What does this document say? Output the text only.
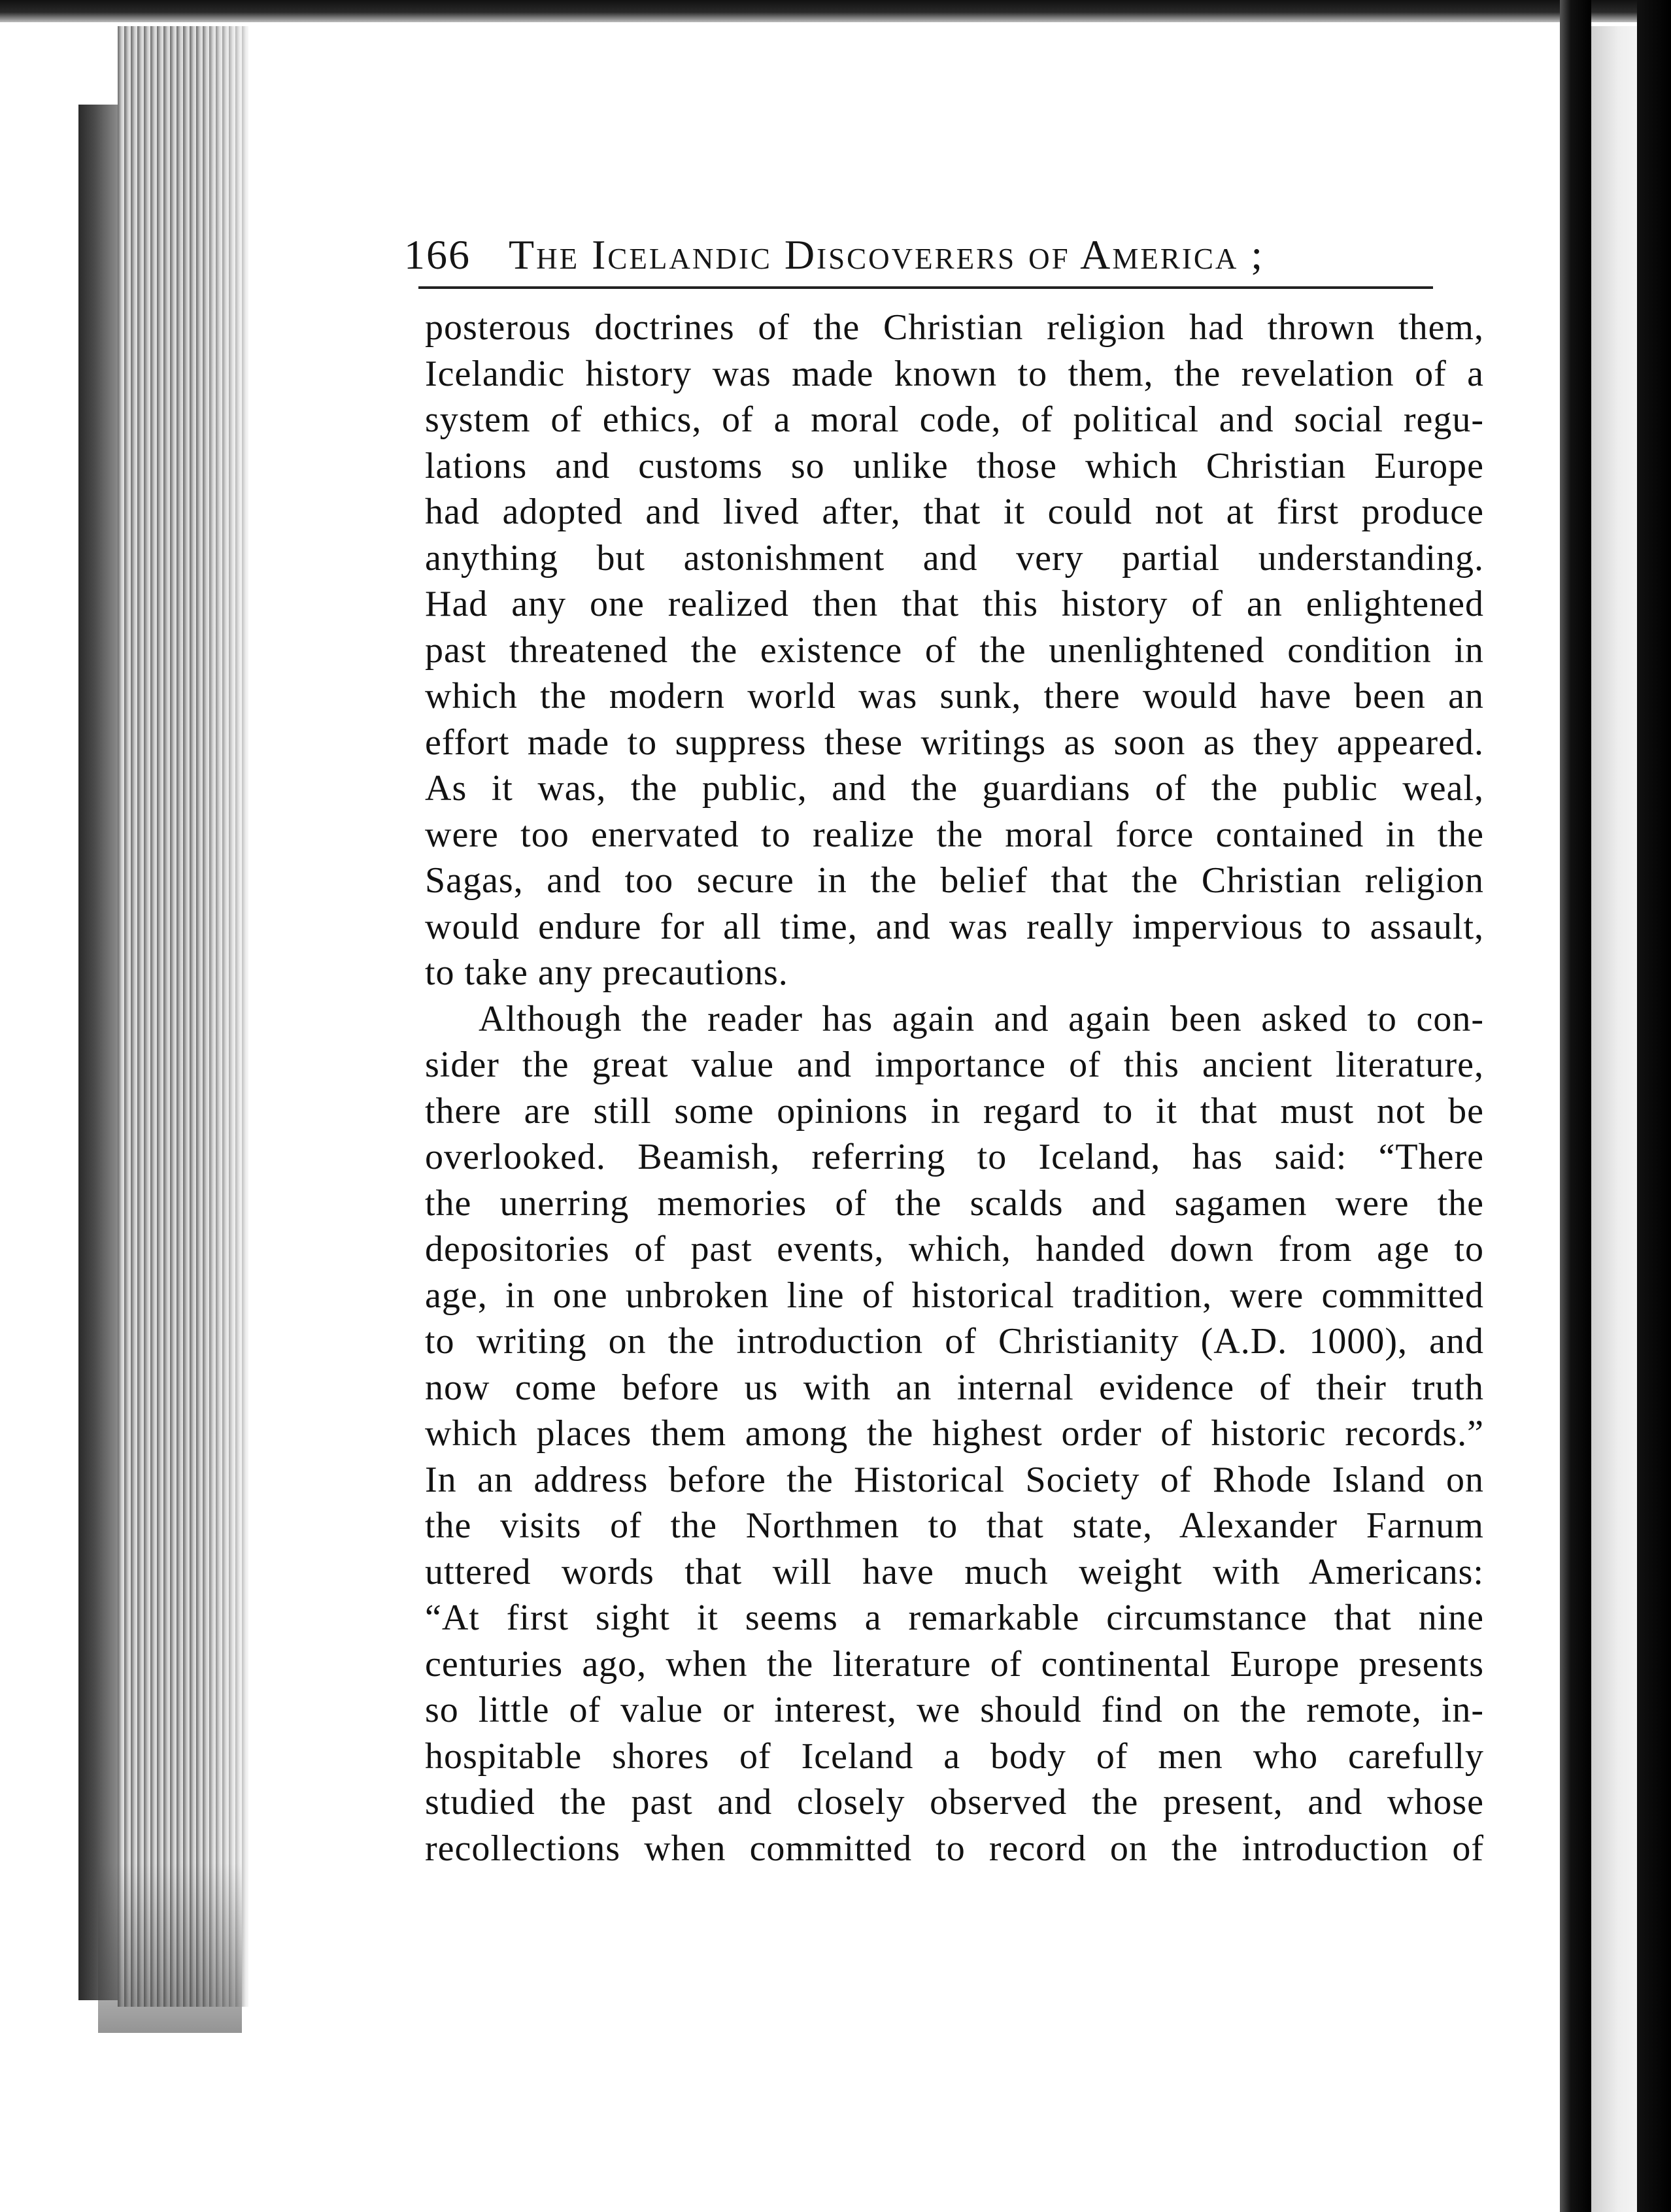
166 The Icelandic Discoverers of America ;
posterous doctrines of the Christian religion had thrown them,
Icelandic history was made known to them, the revelation of a
system of ethics, of a moral code, of political and social regu-
lations and customs so unlike those which Christian Europe
had adopted and lived after, that it could not at first produce
anything but astonishment and very partial understanding.
Had any one realized then that this history of an enlightened
past threatened the existence of the unenlightened condition in
which the modern world was sunk, there would have been an
effort made to suppress these writings as soon as they appeared.
As it was, the public, and the guardians of the public weal,
were too enervated to realize the moral force contained in the
Sagas, and too secure in the belief that the Christian religion
would endure for all time, and was really impervious to assault,
to take any precautions.
Although the reader has again and again been asked to con-
sider the great value and importance of this ancient literature,
there are still some opinions in regard to it that must not be
overlooked. Beamish, referring to Iceland, has said: “There
the unerring memories of the scalds and sagamen were the
depositories of past events, which, handed down from age to
age, in one unbroken line of historical tradition, were committed
to writing on the introduction of Christianity (A.D. 1000), and
now come before us with an internal evidence of their truth
which places them among the highest order of historic records.”
In an address before the Historical Society of Rhode Island on
the visits of the Northmen to that state, Alexander Farnum
uttered words that will have much weight with Americans:
“At first sight it seems a remarkable circumstance that nine
centuries ago, when the literature of continental Europe presents
so little of value or interest, we should find on the remote, in-
hospitable shores of Iceland a body of men who carefully
studied the past and closely observed the present, and whose
recollections when committed to record on the introduction of
